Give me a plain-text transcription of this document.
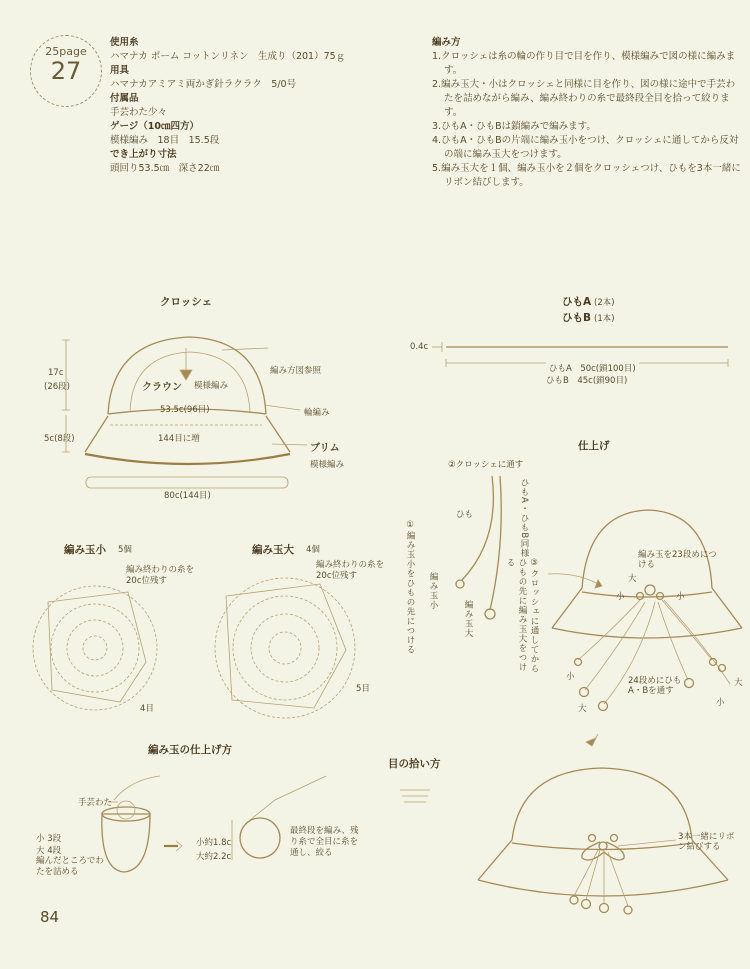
25page
27
使用糸
ハマナカ ポーム コットンリネン　生成り（201）75ｇ
用具
ハマナカアミアミ両かぎ針ラクラク　5/0号
付属品
手芸わた少々
ゲージ（10㎝四方）
模様編み　18目　15.5段
でき上がり寸法
頭回り53.5㎝　深さ22㎝
編み方
1.クロッシェは糸の輪の作り目で目を作り、模様編みで図の様に編みます。
2.編み玉大・小はクロッシェと同様に目を作り、図の様に途中で手芸わたを詰めながら編み、編み終わりの糸で最終段全目を拾って絞ります。
3.ひもA・ひもBは鎖編みで編みます。
4.ひもA・ひもBの片端に編み玉小をつけ、クロッシェに通してから反対の端に編み玉大をつけます。
5.編み玉大を１個、編み玉小を２個をクロッシェつけ、ひもを3本一緒にリボン結びします。
クロッシェ
クラウン 模様編み
編み方図参照
53.5c(96目)	輪編み
144目に増
ブリム
模様編み
17c
(26段)
5c(8段)
80c(144目)
ひもA (2本)
ひもB (1本)
0.4c
ひもA　50c(鎖100目)
ひもB　45c(鎖90目)
仕上げ
②クロッシェに通す
ひもA・ひもB同様
ひも
①編み玉小をひもの先につける 編み玉小
編み玉大	③クロッシェに通してからひもの先に編み玉大をつける
編み玉を23段めにつける
大
小	小
小
大
小
大
24段めにひもA・Bを通す
3本一緒にリボン結びする
編み玉小 5個	編み玉大 4個
編み終わりの糸を20c位残す
編み終わりの糸を20c位残す
4目
5目
編み玉の仕上げ方
手芸わた
小 3段
大 4段
編んだところでわたを詰める
小約1.8c
大約2.2c
最終段を編み、残り糸で全目に糸を通し、絞る
目の拾い方
84
